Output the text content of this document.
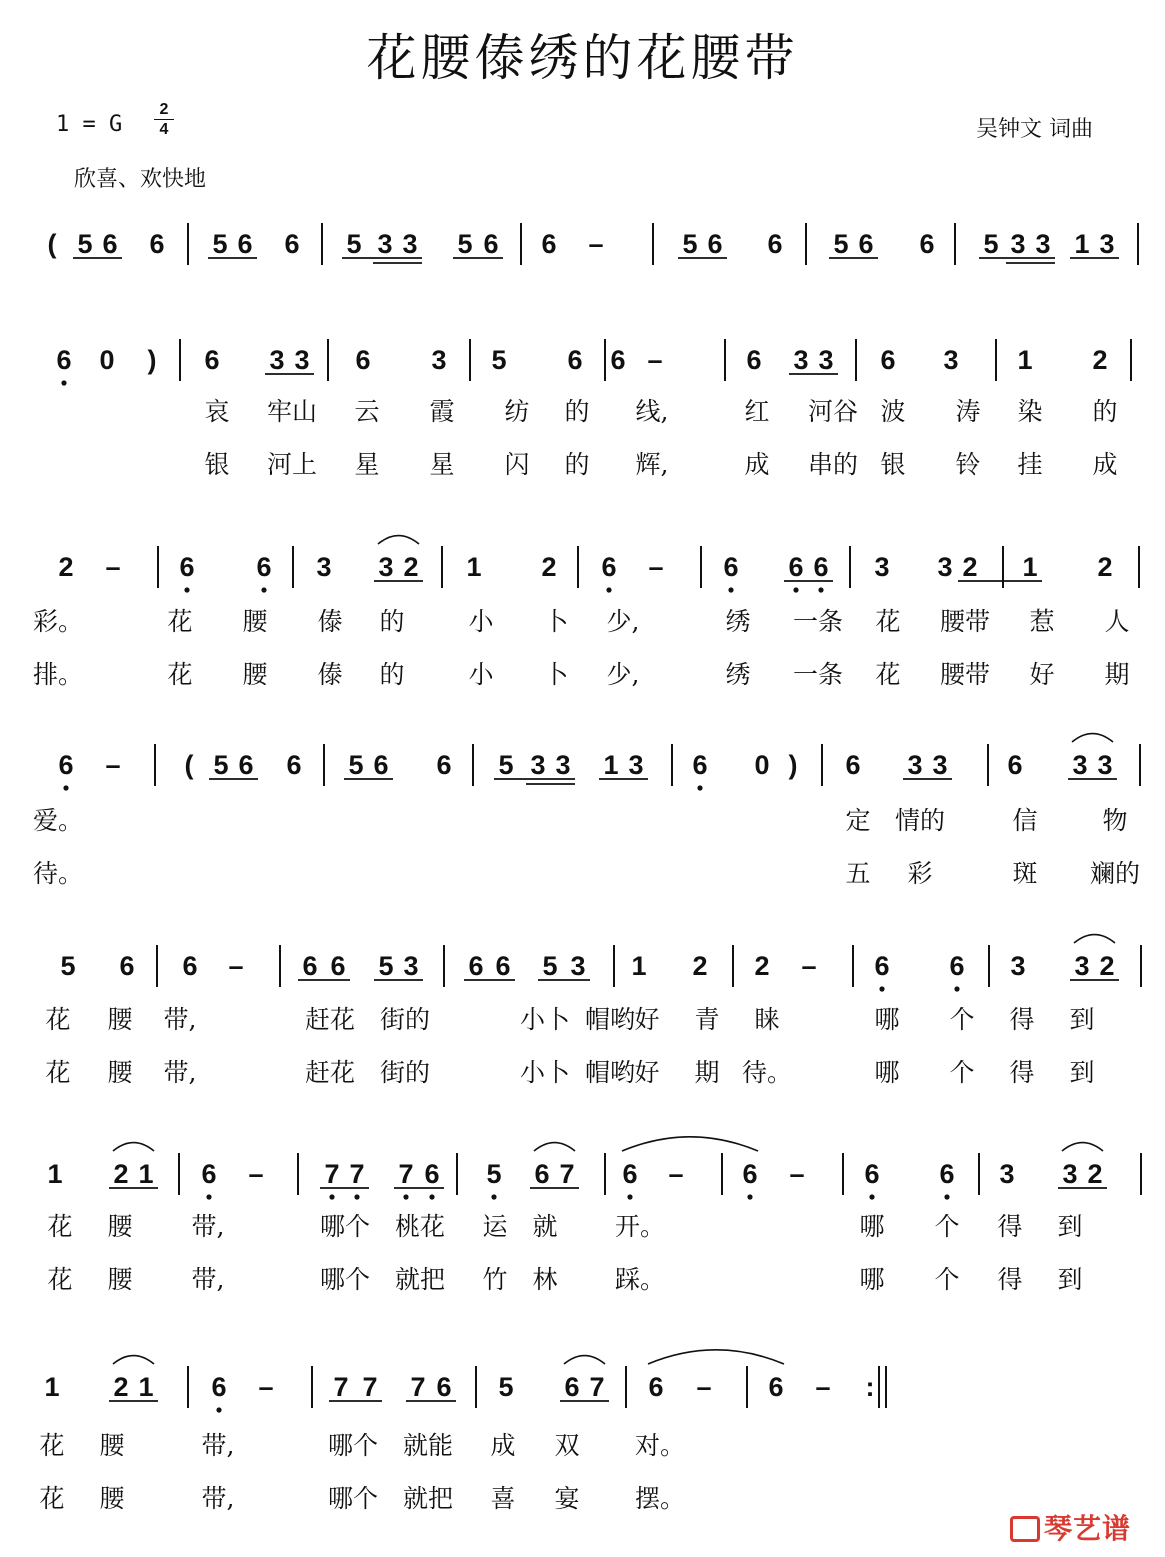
花腰傣绣的花腰带
1 = G
2
4
欣喜、欢快地
吴钟文 词曲
( 5 6 6 5 6 6 5 3 3 5 6 6 –	5 6 6 5 6 6 5 3 3 1 3
6 0 ) 6 3 3 6 3 5 6 6 –	6 3 3 6 3 1 2
哀 牢山 云 霞 纺 的 线,	红 河谷 波 涛 染 的
银 河上 星 星 闪 的 辉,	成 串的 银 铃 挂 成
2 – 6 6 3 3 2 1 2 6 – 6 6 6 3 3 2 1 2
彩。	花 腰 傣 的	小 卜 少,	绣 一条 花 腰带 惹 人
排。	花 腰 傣 的	小 卜 少,	绣 一条 花 腰带 好 期
6 – ( 5 6 6 5 6 6 5 3 3 1 3 6 0 ) 6 3 3 6 3 3
爱。	定 情的	信	物
待。	五 彩	斑 斓的
5 6 6 – 6 6 5 3 6 6 5 3 1 2 2 – 6 6 3 3 2
花 腰 带,	赶花 街的	小卜 帽哟 好 青 睐	哪 个 得 到
花 腰 带,	赶花 街的	小卜 帽哟 好 期 待。	哪 个 得 到
1 2 1 6 – 7 7 7 6 5 6 7 6 – 6 – 6 6 3 3 2
花 腰 带,	哪个 桃花 运 就 开。	哪 个 得 到
花 腰 带,	哪个 就把 竹 林 踩。	哪 个 得 到
1 2 1 6 – 7 7 7 6 5 6 7 6 – 6 – :
花 腰	带,	哪个 就能 成 双 对。
花 腰	带,	哪个 就把 喜 宴 摆。
琴艺谱
